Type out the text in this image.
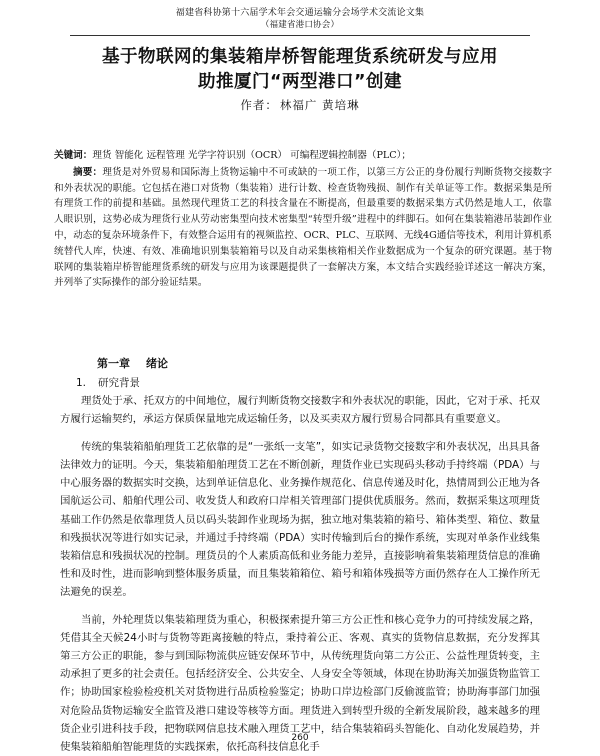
福建省科协第十六届学术年会交通运输分会场学术交流论文集
（福建省港口协会）
基于物联网的集装箱岸桥智能理货系统研发与应用
助推厦门“两型港口”创建
作者： 林福广 黄培琳

关键词：理货 智能化 远程管理 光学字符识别（OCR） 可编程逻辑控制器（PLC）；

摘要：理货是对外贸易和国际海上货物运输中不可或缺的一项工作，以第三方公正的身份履行判断货物交接数字和外表状况的职能。它包括在港口对货物（集装箱）进行计数、检查货物残损、制作有关单证等工作。数据采集是所有理货工作的前提和基础。虽然现代理货工艺的科技含量在不断提高，但最重要的数据采集方式仍然是地人工，依靠人眼识别，这势必成为理货行业从劳动密集型向技术密集型“转型升级”进程中的绊脚石。如何在集装箱港吊装卸作业中，动态的复杂环境条件下，有效整合运用有的视频监控、OCR、PLC、互联网、无线4G通信等技术，利用计算机系统替代人库，快速、有效、准确地识别集装箱箱号以及自动采集核箱相关作业数据成为一个复杂的研究课题。基于物联网的集装箱岸桥智能理货系统的研发与应用为该课题提供了一套解决方案，本文结合实践经验详述这一解决方案，并列举了实际操作的部分验证结果。

第一章 绪论
1. 研究背景

理货处于承、托双方的中间地位，履行判断货物交接数字和外表状况的职能，因此，它对于承、托双方履行运输契约，承运方保质保量地完成运输任务，以及买卖双方履行贸易合同都具有重要意义。

传统的集装箱船舶理货工艺依靠的是“一张纸一支笔”，如实记录货物交接数字和外表状况，出具具备法律效力的证明。今天，集装箱船舶理货工艺在不断创新，理货作业已实现码头移动手持终端（PDA）与中心服务器的数据实时交换，达到单证信息化、业务操作规范化、信息传递及时化，热情周到公正地为各国航运公司、船舶代理公司、收发货人和政府口岸相关管理部门提供优质服务。然而，数据采集这项理货基础工作仍然是依靠理货人员以码头装卸作业现场为据，独立地对集装箱的箱号、箱体类型、箱位、数量和残损状况等进行如实记录，并通过手持终端（PDA）实时传输到后台的操作系统，实现对单条作业线集装箱信息和残损状况的控制。理货员的个人素质高低和业务能力差异，直接影响着集装箱理货信息的准确性和及时性，进而影响到整体服务质量，而且集装箱箱位、箱号和箱体残损等方面仍然存在人工操作所无法避免的误差。

当前，外轮理货以集装箱理货为重心，积极探索提升第三方公正性和核心竞争力的可持续发展之路，凭借其全天候24小时与货物等距离接触的特点，秉持着公正、客观、真实的货物信息数据，充分发挥其第三方公正的职能，参与到国际物流供应链安保环节中，从传统理货向第二方公正、公益性理货转变，主动承担了更多的社会责任。包括经济安全、公共安全、人身安全等领域，体现在协助海关加强货物监管工作；协助国家检验检疫机关对货物进行品质检验鉴定；协助口岸边检部门反偷渡监管；协助海事部门加强对危险品货物运输安全监管及港口建设等核等方面。理货进入到转型升级的全新发展阶段，越来越多的理货企业引进科技手段，把物联网信息技术融入理货工艺中，结合集装箱码头智能化、自动化发展趋势，并使集装箱船舶智能理货的实践探索，依托高科技信息化手

260
